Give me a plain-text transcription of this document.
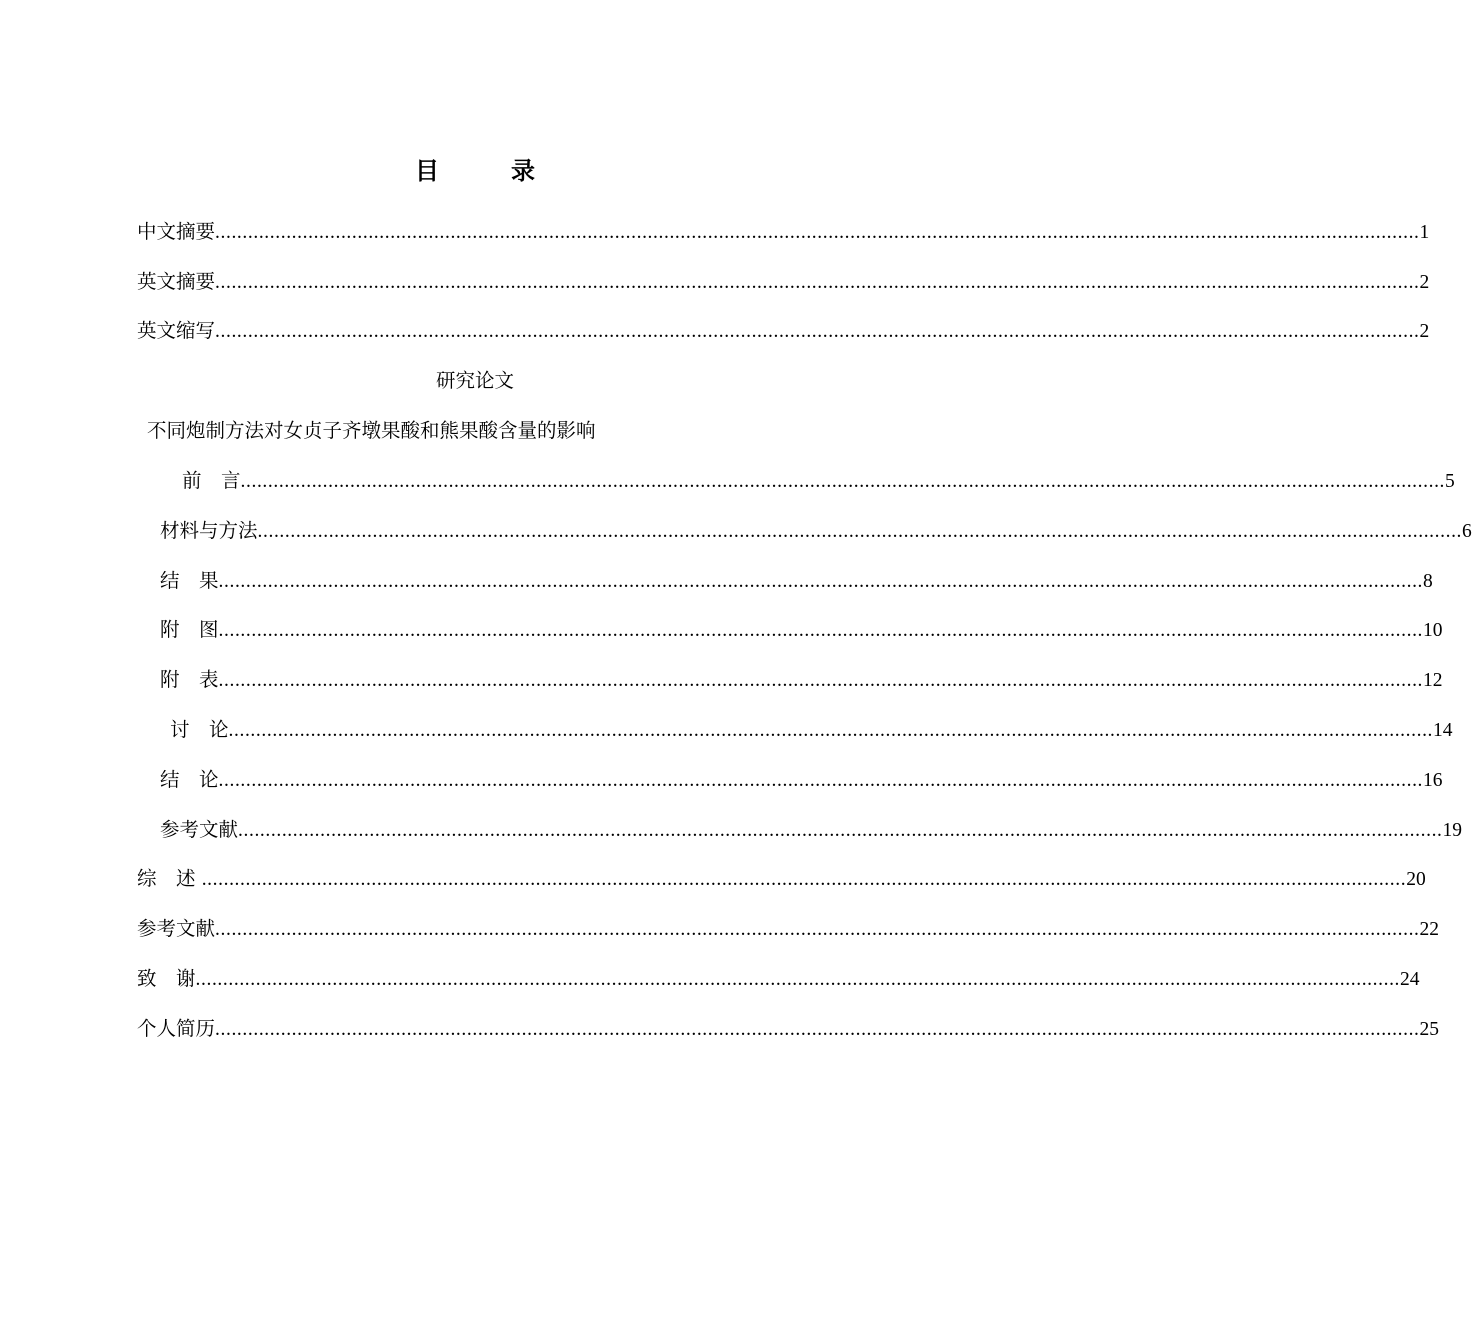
目　录
中文摘要 ............................................................................................................................................................................................................................ 1
英文摘要 ............................................................................................................................................................................................................................ 2
英文缩写 ............................................................................................................................................................................................................................ 2
研究论文
不同炮制方法对女贞子齐墩果酸和熊果酸含量的影响
前　言 ............................................................................................................................................................................................................................ 5
材料与方法 ............................................................................................................................................................................................................................ 6
结　果 ............................................................................................................................................................................................................................ 8
附　图 ............................................................................................................................................................................................................................ 10
附　表 ............................................................................................................................................................................................................................ 12
讨　论 ............................................................................................................................................................................................................................ 14
结　论 ............................................................................................................................................................................................................................ 16
参考文献 ............................................................................................................................................................................................................................ 19
综　述 ............................................................................................................................................................................................................................ 20
参考文献 ............................................................................................................................................................................................................................ 22
致　谢 ............................................................................................................................................................................................................................ 24
个人简历 ............................................................................................................................................................................................................................ 25
